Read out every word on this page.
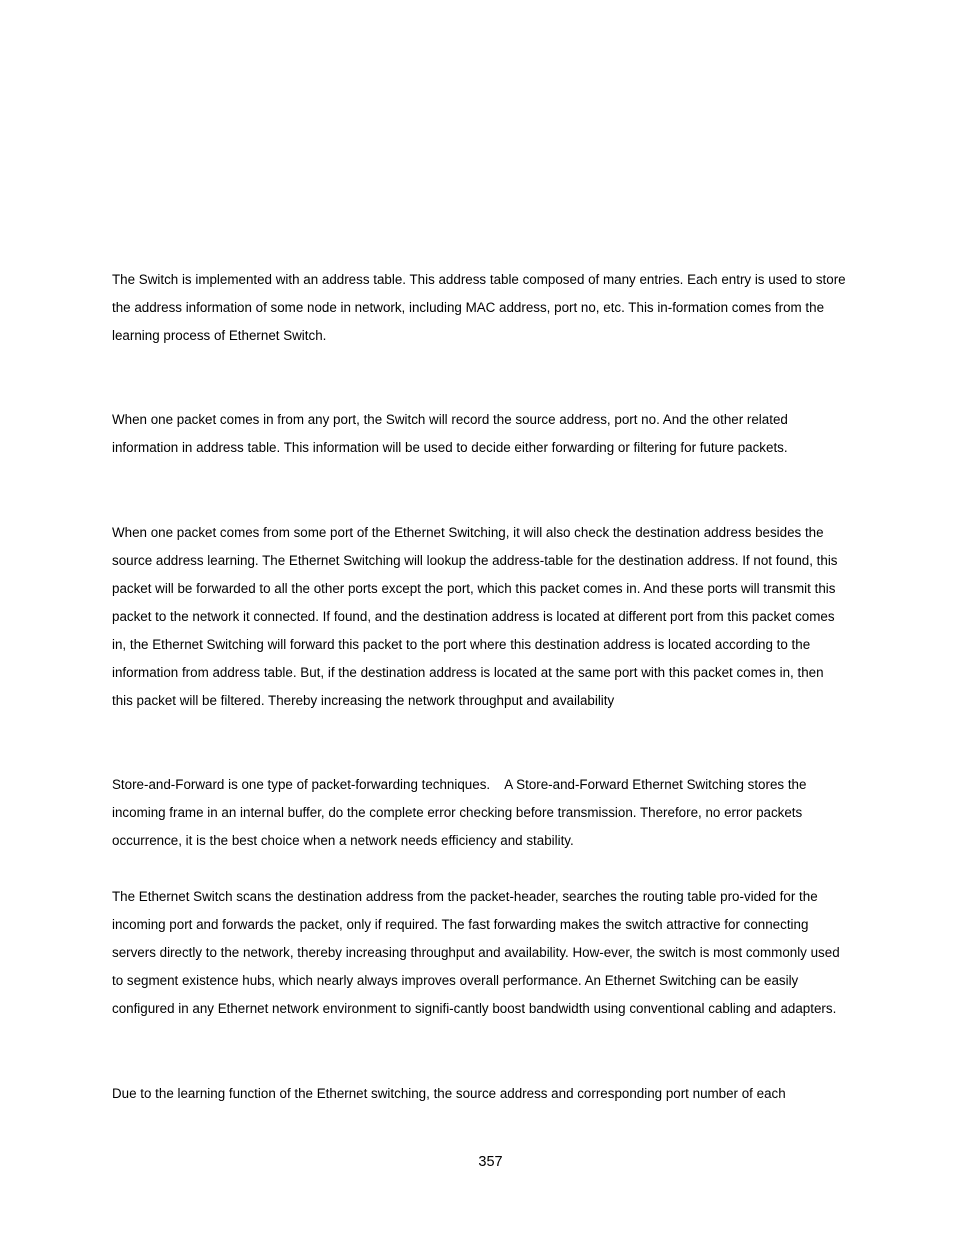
The Switch is implemented with an address table. This address table composed of many entries. Each entry is used to store the address information of some node in network, including MAC address, port no, etc. This in-formation comes from the learning process of Ethernet Switch.

When one packet comes in from any port, the Switch will record the source address, port no. And the other related information in address table. This information will be used to decide either forwarding or filtering for future packets.

When one packet comes from some port of the Ethernet Switching, it will also check the destination address besides the source address learning. The Ethernet Switching will lookup the address-table for the destination address. If not found, this packet will be forwarded to all the other ports except the port, which this packet comes in. And these ports will transmit this packet to the network it connected. If found, and the destination address is located at different port from this packet comes in, the Ethernet Switching will forward this packet to the port where this destination address is located according to the information from address table. But, if the destination address is located at the same port with this packet comes in, then this packet will be filtered. Thereby increasing the network throughput and availability

Store-and-Forward is one type of packet-forwarding techniques.    A Store-and-Forward Ethernet Switching stores the incoming frame in an internal buffer, do the complete error checking before transmission. Therefore, no error packets occurrence, it is the best choice when a network needs efficiency and stability.

The Ethernet Switch scans the destination address from the packet-header, searches the routing table pro-vided for the incoming port and forwards the packet, only if required. The fast forwarding makes the switch attractive for connecting servers directly to the network, thereby increasing throughput and availability. How-ever, the switch is most commonly used to segment existence hubs, which nearly always improves overall performance. An Ethernet Switching can be easily configured in any Ethernet network environment to signifi-cantly boost bandwidth using conventional cabling and adapters.

Due to the learning function of the Ethernet switching, the source address and corresponding port number of each

357
